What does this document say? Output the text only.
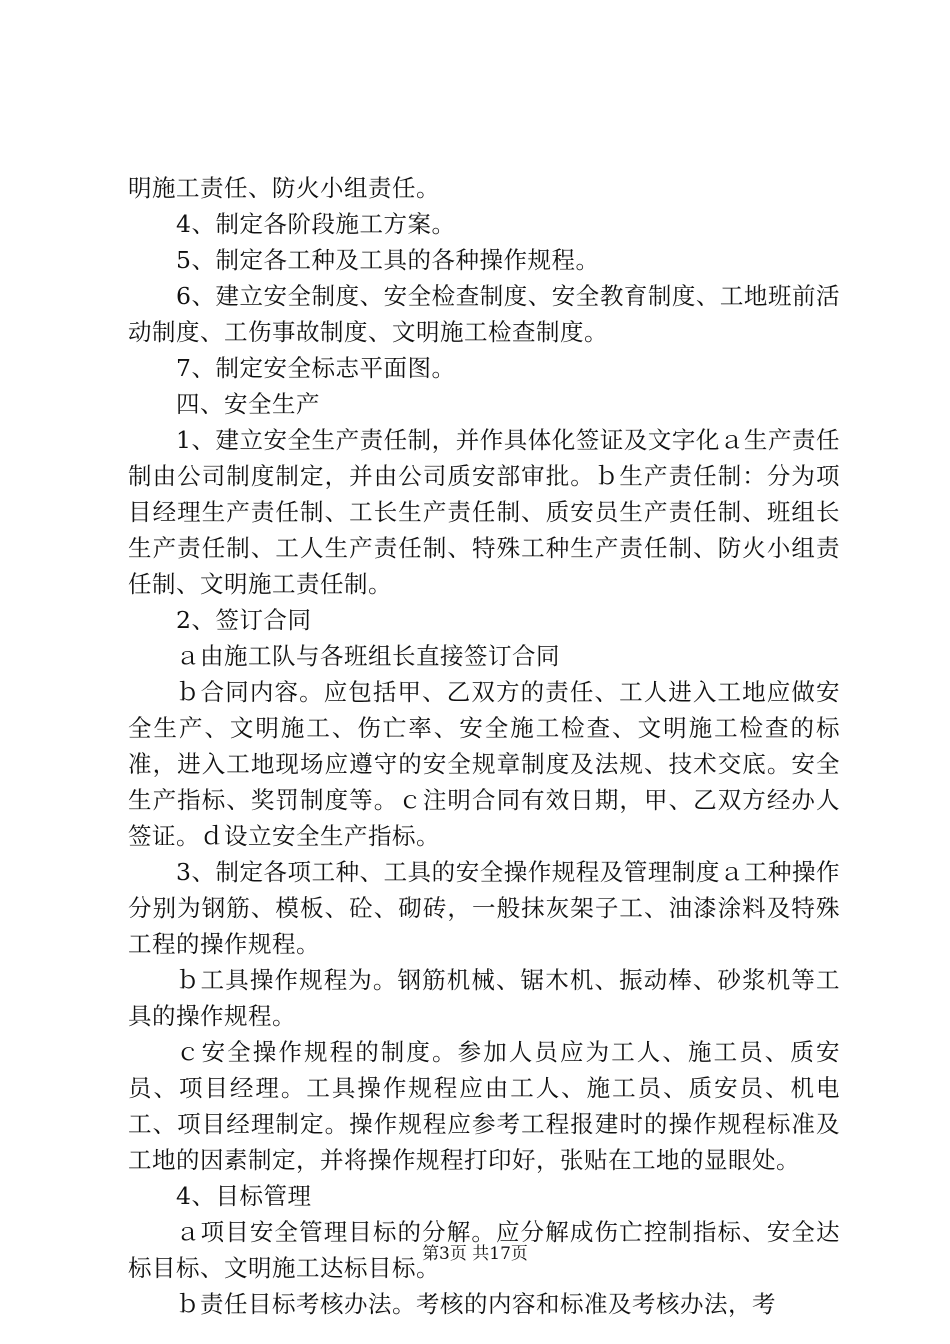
明施工责任、防火小组责任。

4、制定各阶段施工方案。

5、制定各工种及工具的各种操作规程。

6、建立安全制度、安全检查制度、安全教育制度、工地班前活动制度、工伤事故制度、文明施工检查制度。

7、制定安全标志平面图。

四、安全生产

1、建立安全生产责任制，并作具体化签证及文字化ａ生产责任制由公司制度制定，并由公司质安部审批。ｂ生产责任制：分为项目经理生产责任制、工长生产责任制、质安员生产责任制、班组长生产责任制、工人生产责任制、特殊工种生产责任制、防火小组责任制、文明施工责任制。

2、签订合同

ａ由施工队与各班组长直接签订合同

ｂ合同内容。应包括甲、乙双方的责任、工人进入工地应做安全生产、文明施工、伤亡率、安全施工检查、文明施工检查的标准，进入工地现场应遵守的安全规章制度及法规、技术交底。安全生产指标、奖罚制度等。ｃ注明合同有效日期，甲、乙双方经办人签证。ｄ设立安全生产指标。

3、制定各项工种、工具的安全操作规程及管理制度ａ工种操作分别为钢筋、模板、砼、砌砖，一般抹灰架子工、油漆涂料及特殊工程的操作规程。

ｂ工具操作规程为。钢筋机械、锯木机、振动棒、砂浆机等工具的操作规程。

ｃ安全操作规程的制度。参加人员应为工人、施工员、质安员、项目经理。工具操作规程应由工人、施工员、质安员、机电工、项目经理制定。操作规程应参考工程报建时的操作规程标准及工地的因素制定，并将操作规程打印好，张贴在工地的显眼处。

4、目标管理

ａ项目安全管理目标的分解。应分解成伤亡控制指标、安全达标目标、文明施工达标目标。

ｂ责任目标考核办法。考核的内容和标准及考核办法，考

第3页 共17页
